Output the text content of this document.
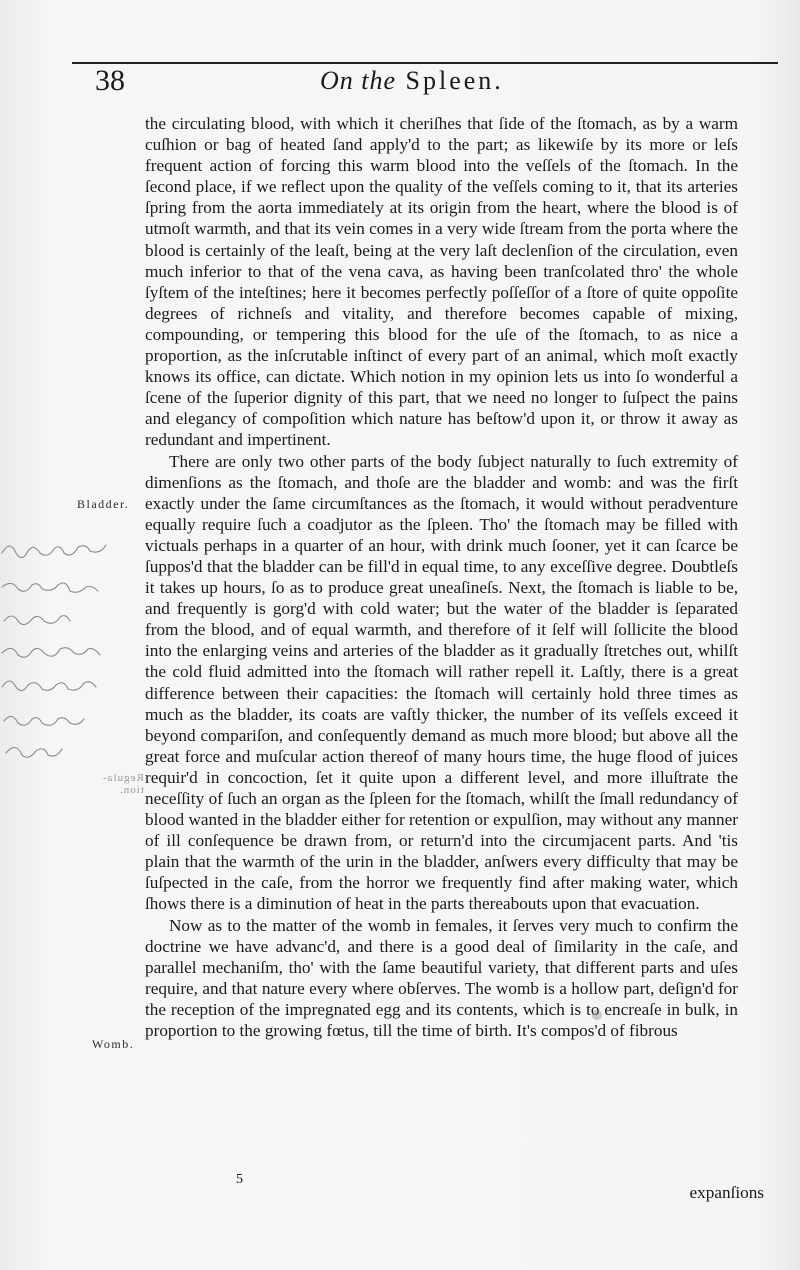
38	On the Spleen.
Bladder.
Womb.
Regula-
tion.

the circulating blood, with which it cheriſhes that ſide of the ſtomach, as by a warm cuſhion or bag of heated ſand apply'd to the part; as likewiſe by its more or leſs frequent action of forcing this warm blood into the veſſels of the ſtomach. In the ſecond place, if we reflect upon the quality of the veſſels coming to it, that its arteries ſpring from the aorta immediately at its origin from the heart, where the blood is of utmoſt warmth, and that its vein comes in a very wide ſtream from the porta where the blood is certainly of the leaſt, being at the very laſt declenſion of the circulation, even much inferior to that of the vena cava, as having been tranſcolated thro' the whole ſyſtem of the inteſtines; here it becomes perfectly poſſeſſor of a ſtore of quite oppoſite degrees of richneſs and vitality, and therefore becomes capable of mixing, compounding, or tempering this blood for the uſe of the ſtomach, to as nice a proportion, as the inſcrutable inſtinct of every part of an animal, which moſt exactly knows its office, can dictate. Which notion in my opinion lets us into ſo wonderful a ſcene of the ſuperior dignity of this part, that we need no longer to ſuſpect the pains and elegancy of compoſition which nature has beſtow'd upon it, or throw it away as redundant and impertinent.

There are only two other parts of the body ſubject naturally to ſuch extremity of dimenſions as the ſtomach, and thoſe are the bladder and womb: and was the firſt exactly under the ſame circumſtances as the ſtomach, it would without peradventure equally require ſuch a coadjutor as the ſpleen. Tho' the ſtomach may be filled with victuals perhaps in a quarter of an hour, with drink much ſooner, yet it can ſcarce be ſuppos'd that the bladder can be fill'd in equal time, to any exceſſive degree. Doubtleſs it takes up hours, ſo as to produce great uneaſineſs. Next, the ſtomach is liable to be, and frequently is gorg'd with cold water; but the water of the bladder is ſeparated from the blood, and of equal warmth, and therefore of it ſelf will ſollicite the blood into the enlarging veins and arteries of the bladder as it gradually ſtretches out, whilſt the cold fluid admitted into the ſtomach will rather repell it. Laſtly, there is a great difference between their capacities: the ſtomach will certainly hold three times as much as the bladder, its coats are vaſtly thicker, the number of its veſſels exceed it beyond compariſon, and conſequently demand as much more blood; but above all the great force and muſcular action thereof of many hours time, the huge flood of juices requir'd in concoction, ſet it quite upon a different level, and more illuſtrate the neceſſity of ſuch an organ as the ſpleen for the ſtomach, whilſt the ſmall redundancy of blood wanted in the bladder either for retention or expulſion, may without any manner of ill conſequence be drawn from, or return'd into the circumjacent parts. And 'tis plain that the warmth of the urin in the bladder, anſwers every difficulty that may be ſuſpected in the caſe, from the horror we frequently find after making water, which ſhows there is a diminution of heat in the parts thereabouts upon that evacuation.

Now as to the matter of the womb in females, it ſerves very much to confirm the doctrine we have advanc'd, and there is a good deal of ſimilarity in the caſe, and parallel mechaniſm, tho' with the ſame beautiful variety, that different parts and uſes require, and that nature every where obſerves. The womb is a hollow part, deſign'd for the reception of the impregnated egg and its contents, which is to encreaſe in bulk, in proportion to the growing fœtus, till the time of birth. It's compos'd of fibrous

5
expanſions
